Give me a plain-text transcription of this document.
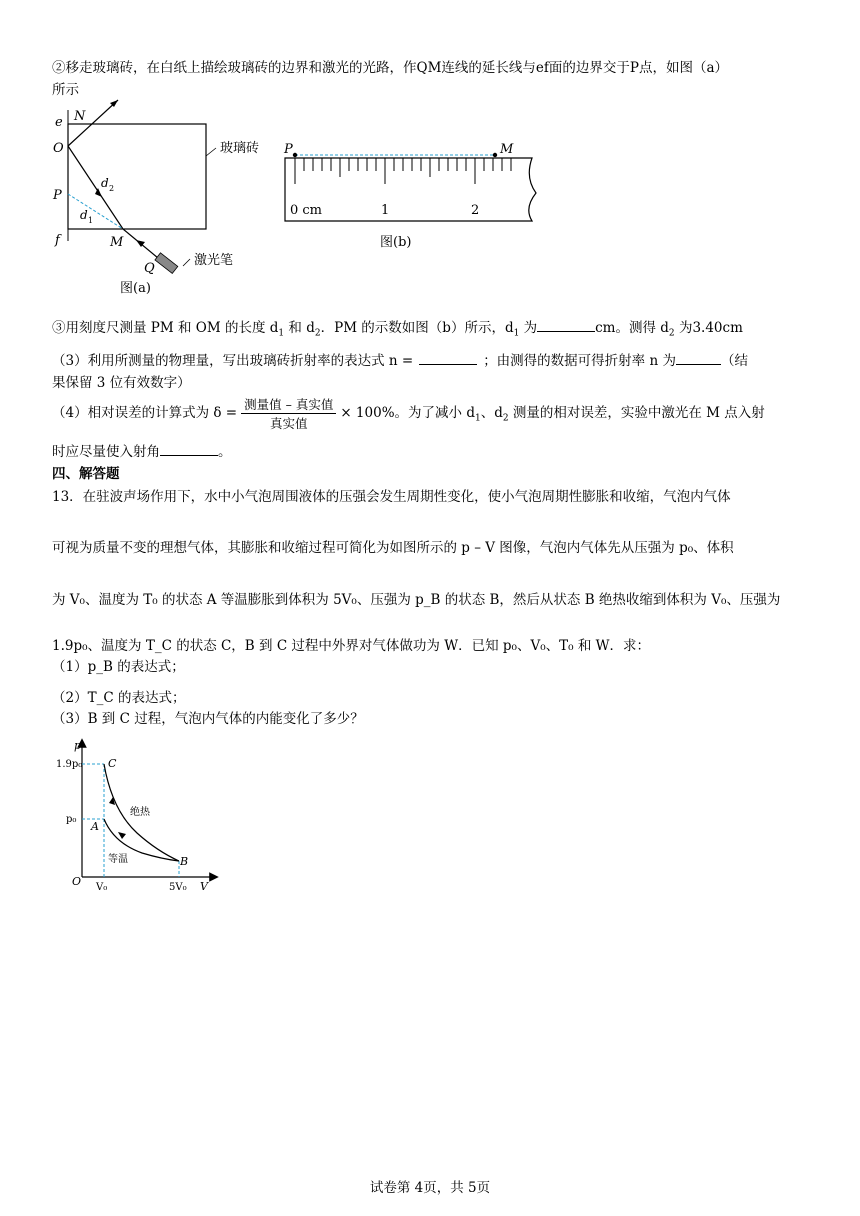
②移走玻璃砖，在白纸上描绘玻璃砖的边界和激光的光路，作QM连线的延长线与ef面的边界交于P点，如图（a）
所示
e N
O
P
f	M
Q
d 2
d 1
玻璃砖
激光笔
图(a)
P	M
0 cm	1	2
图(b)
③用刻度尺测量 PM 和 OM 的长度 $d_1$ 和 $d_2$．PM 的示数如图（b）所示，$d_1$ 为	cm。测得 $d_2$ 为3.40cm
（3）利用所测量的物理量，写出玻璃砖折射率的表达式 n =	；由测得的数据可得折射率 n 为	（结
果保留 3 位有效数字）
（4）相对误差的计算式为 $\delta = \frac{\text{测量值 – 真实值}}{\text{真实值}} \times 100\%$。为了减小 $d_1$、$d_2$ 测量的相对误差，实验中激光在 M 点入射
时应尽量使入射角	。
四、解答题
13．在驻波声场作用下，水中小气泡周围液体的压强会发生周期性变化，使小气泡周期性膨胀和收缩，气泡内气体
可视为质量不变的理想气体，其膨胀和收缩过程可简化为如图所示的 p – V 图像，气泡内气体先从压强为 p₀、体积
为 V₀、温度为 T₀ 的状态 A 等温膨胀到体积为 5V₀、压强为 p_B 的状态 B，然后从状态 B 绝热收缩到体积为 V₀、压强为
1.9p₀、温度为 T_C 的状态 C，B 到 C 过程中外界对气体做功为 W．已知 p₀、V₀、T₀ 和 W．求：
（1）p_B 的表达式；
（2）T_C 的表达式；
（3）B 到 C 过程，气泡内气体的内能变化了多少？
p
V
O
1.9p₀
p₀
V₀	5V₀
A
B
C
绝热
等温
试卷第 4页，共 5页
